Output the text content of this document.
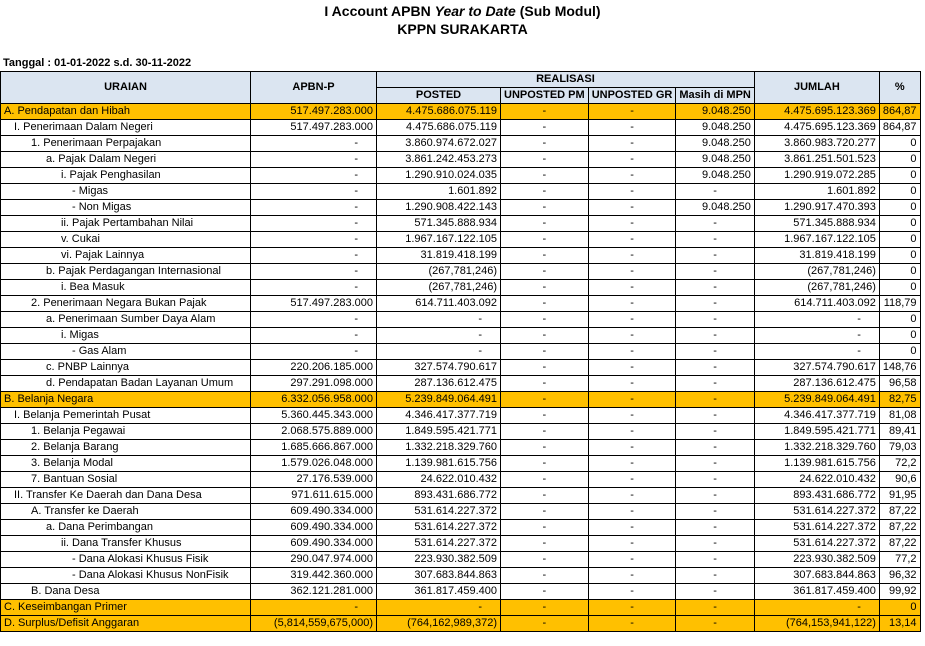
I Account APBN Year to Date (Sub Modul)
KPPN SURAKARTA
Tanggal : 01-01-2022 s.d. 30-11-2022
URAIAN	APBN-P	REALISASI				JUMLAH	%
		POSTED	UNPOSTED PM	UNPOSTED GR	Masih di MPN		
A. Pendapatan dan Hibah	517.497.283.000	4.475.686.075.119	-	-	9.048.250	4.475.695.123.369	864,87
I. Penerimaan Dalam Negeri	517.497.283.000	4.475.686.075.119	-	-	9.048.250	4.475.695.123.369	864,87
1. Penerimaan Perpajakan	-	3.860.974.672.027	-	-	9.048.250	3.860.983.720.277	0
a. Pajak Dalam Negeri	-	3.861.242.453.273	-	-	9.048.250	3.861.251.501.523	0
i. Pajak Penghasilan	-	1.290.910.024.035	-	-	9.048.250	1.290.919.072.285	0
- Migas	-	1.601.892	-	-	-	1.601.892	0
- Non Migas	-	1.290.908.422.143	-	-	9.048.250	1.290.917.470.393	0
ii. Pajak Pertambahan Nilai	-	571.345.888.934	-	-	-	571.345.888.934	0
v. Cukai	-	1.967.167.122.105	-	-	-	1.967.167.122.105	0
vi. Pajak Lainnya	-	31.819.418.199	-	-	-	31.819.418.199	0
b. Pajak Perdagangan Internasional	-	(267,781,246)	-	-	-	(267,781,246)	0
i. Bea Masuk	-	(267,781,246)	-	-	-	(267,781,246)	0
2. Penerimaan Negara Bukan Pajak	517.497.283.000	614.711.403.092	-	-	-	614.711.403.092	118,79
a. Penerimaan Sumber Daya Alam	-	-	-	-	-	-	0
i. Migas	-	-	-	-	-	-	0
- Gas Alam	-	-	-	-	-	-	0
c. PNBP Lainnya	220.206.185.000	327.574.790.617	-	-	-	327.574.790.617	148,76
d. Pendapatan Badan Layanan Umum	297.291.098.000	287.136.612.475	-	-	-	287.136.612.475	96,58
B. Belanja Negara	6.332.056.958.000	5.239.849.064.491	-	-	-	5.239.849.064.491	82,75
I. Belanja Pemerintah Pusat	5.360.445.343.000	4.346.417.377.719	-	-	-	4.346.417.377.719	81,08
1. Belanja Pegawai	2.068.575.889.000	1.849.595.421.771	-	-	-	1.849.595.421.771	89,41
2. Belanja Barang	1.685.666.867.000	1.332.218.329.760	-	-	-	1.332.218.329.760	79,03
3. Belanja Modal	1.579.026.048.000	1.139.981.615.756	-	-	-	1.139.981.615.756	72,2
7. Bantuan Sosial	27.176.539.000	24.622.010.432	-	-	-	24.622.010.432	90,6
II. Transfer Ke Daerah dan Dana Desa	971.611.615.000	893.431.686.772	-	-	-	893.431.686.772	91,95
A. Transfer ke Daerah	609.490.334.000	531.614.227.372	-	-	-	531.614.227.372	87,22
a. Dana Perimbangan	609.490.334.000	531.614.227.372	-	-	-	531.614.227.372	87,22
ii. Dana Transfer Khusus	609.490.334.000	531.614.227.372	-	-	-	531.614.227.372	87,22
- Dana Alokasi Khusus Fisik	290.047.974.000	223.930.382.509	-	-	-	223.930.382.509	77,2
- Dana Alokasi Khusus NonFisik	319.442.360.000	307.683.844.863	-	-	-	307.683.844.863	96,32
B. Dana Desa	362.121.281.000	361.817.459.400	-	-	-	361.817.459.400	99,92
C. Keseimbangan Primer	-	-	-	-	-	-	0
D. Surplus/Defisit Anggaran	(5,814,559,675,000)	(764,162,989,372)	-	-	-	(764,153,941,122)	13,14
